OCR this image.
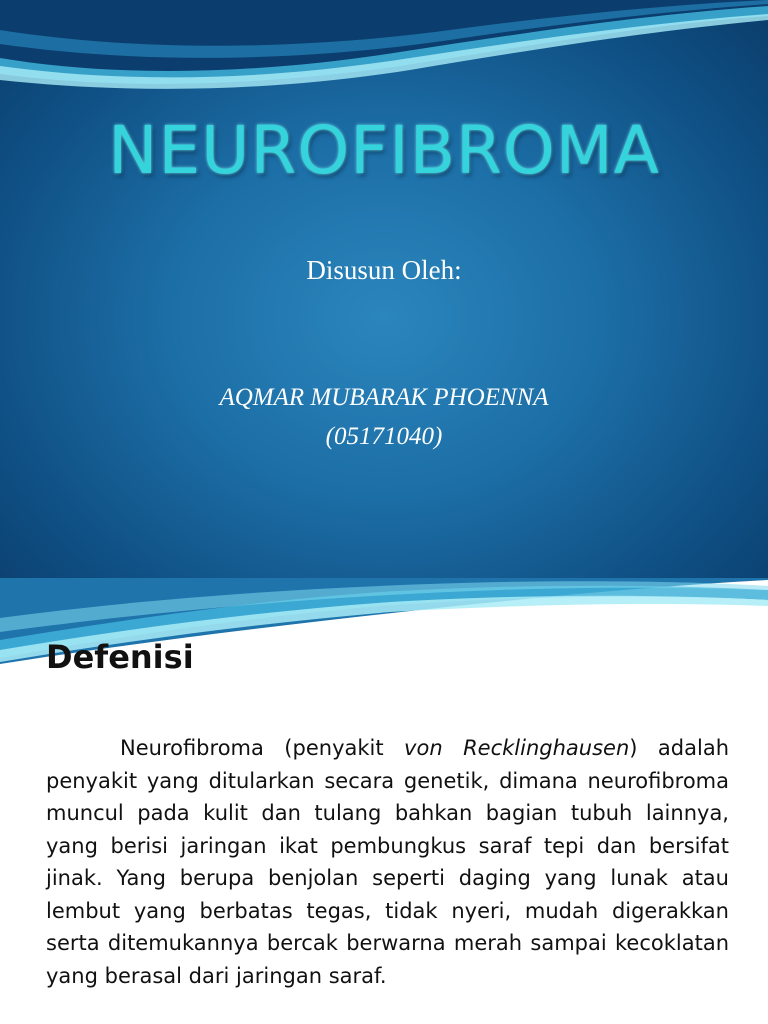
NEUROFIBROMA
Disusun Oleh:
AQMAR MUBARAK PHOENNA
(05171040)
Defenisi
Neurofibroma (penyakit von Recklinghausen) adalah penyakit yang ditularkan secara genetik, dimana neurofibroma muncul pada kulit dan tulang bahkan bagian tubuh lainnya, yang berisi jaringan ikat pembungkus saraf tepi dan bersifat jinak. Yang berupa benjolan seperti daging yang lunak atau lembut yang berbatas tegas, tidak nyeri, mudah digerakkan serta ditemukannya bercak berwarna merah sampai kecoklatan yang berasal dari jaringan saraf.
